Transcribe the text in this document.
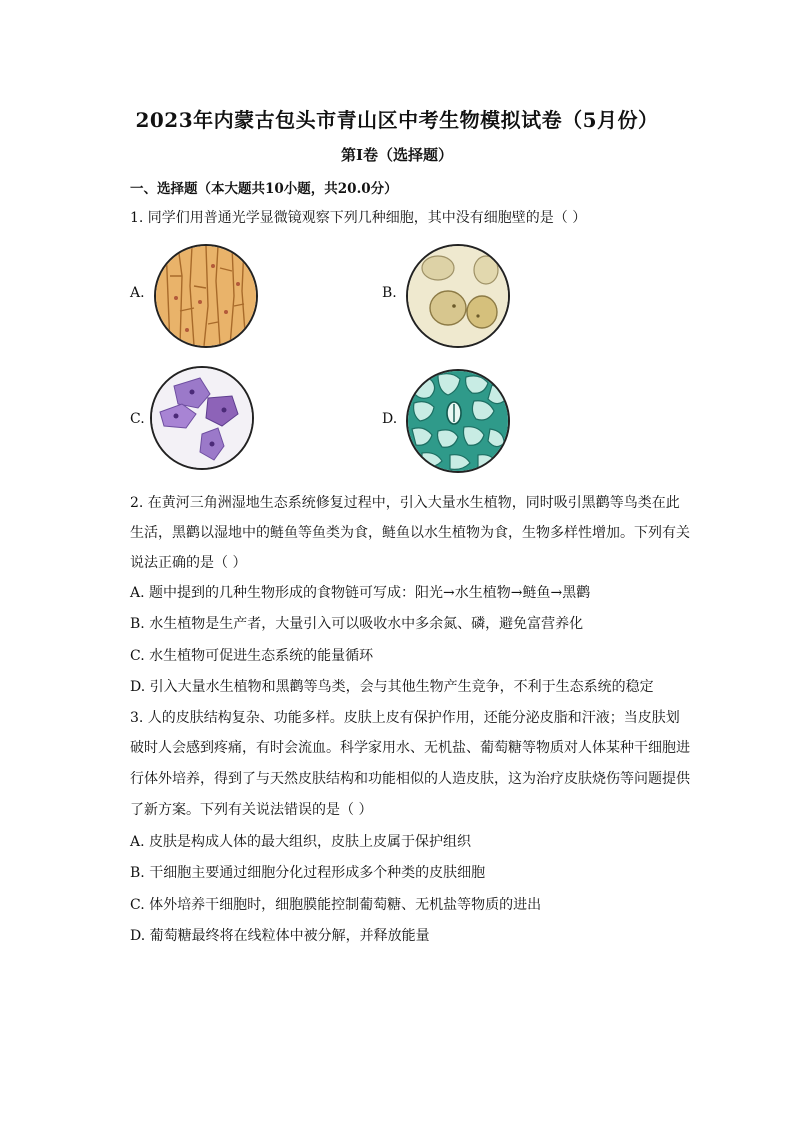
2023年内蒙古包头市青山区中考生物模拟试卷（5月份）
第Ⅰ卷（选择题）
一、选择题（本大题共10小题，共20.0分）
1. 同学们用普通光学显微镜观察下列几种细胞，其中没有细胞壁的是（ ）
A.	B.
C.	D.
2. 在黄河三角洲湿地生态系统修复过程中，引入大量水生植物，同时吸引黑鹳等鸟类在此
生活，黑鹳以湿地中的鲢鱼等鱼类为食，鲢鱼以水生植物为食，生物多样性增加。下列有关
说法正确的是（ ）
A. 题中提到的几种生物形成的食物链可写成：阳光→水生植物→鲢鱼→黑鹳
B. 水生植物是生产者，大量引入可以吸收水中多余氮、磷，避免富营养化
C. 水生植物可促进生态系统的能量循环
D. 引入大量水生植物和黑鹳等鸟类，会与其他生物产生竞争，不利于生态系统的稳定
3. 人的皮肤结构复杂、功能多样。皮肤上皮有保护作用，还能分泌皮脂和汗液；当皮肤划
破时人会感到疼痛，有时会流血。科学家用水、无机盐、葡萄糖等物质对人体某种干细胞进
行体外培养，得到了与天然皮肤结构和功能相似的人造皮肤，这为治疗皮肤烧伤等问题提供
了新方案。下列有关说法错误的是（ ）
A. 皮肤是构成人体的最大组织，皮肤上皮属于保护组织
B. 干细胞主要通过细胞分化过程形成多个种类的皮肤细胞
C. 体外培养干细胞时，细胞膜能控制葡萄糖、无机盐等物质的进出
D. 葡萄糖最终将在线粒体中被分解，并释放能量
